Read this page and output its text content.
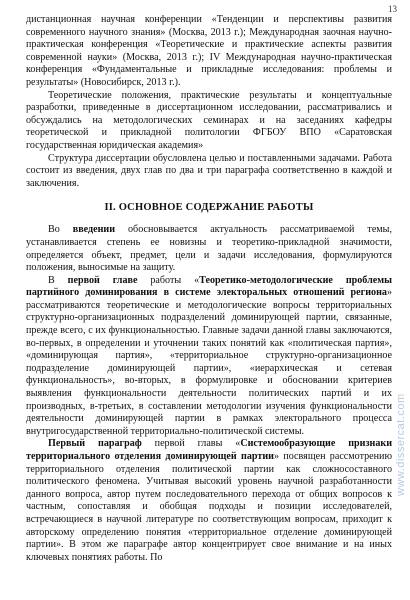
13

дистанционная научная конференции «Тенденции и перспективы развития современного научного знания» (Москва, 2013 г.); Международная заочная научно-практическая конференция «Теоретические и практические аспекты развития современной науки» (Москва, 2013 г.); IV Международная научно-практическая конференция «Фундаментальные и прикладные исследования: проблемы и результаты» (Новосибирск, 2013 г.).

Теоретические положения, практические результаты и концептуальные разработки, приведенные в диссертационном исследовании, рассматривались и обсуждались на методологических семинарах и на заседаниях кафедры теоретической и прикладной политологии ФГБОУ ВПО «Саратовская государственная юридическая академия»

Структура диссертации обусловлена целью и поставленными задачами. Работа состоит из введения, двух глав по два и три параграфа соответственно в каждой и заключения.

II. ОСНОВНОЕ СОДЕРЖАНИЕ РАБОТЫ

Во введении обосновывается актуальность рассматриваемой темы, устанавливается степень ее новизны и теоретико-прикладной значимости, определяется объект, предмет, цели и задачи исследования, формулируются положения, выносимые на защиту.

В первой главе работы «Теоретико-методологические проблемы партийного доминирования в системе электоральных отношений региона» рассматриваются теоретические и методологические вопросы территориальных структурно-организационных подразделений доминирующей партии, связанные, прежде всего, с их функциональностью. Главные задачи данной главы заключаются, во-первых, в определении и уточнении таких понятий как «политическая партия», «доминирующая партия», «территориальное структурно-организационное подразделение доминирующей партии», «иерархическая и сетевая функциональность», во-вторых, в формулировке и обосновании критериев выявления функциональности деятельности политических партий и их производных, в-третьих, в составлении методологии изучения функциональности деятельности доминирующей партии в рамках электорального процесса внутригосударственной территориально-политической системы.

Первый параграф первой главы «Системообразующие признаки территориального отделения доминирующей партии» посвящен рассмотрению территориального отделения политической партии как сложносоставного политического феномена. Учитывая высокий уровень научной разработанности данного вопроса, автор путем последовательного перехода от общих вопросов к частным, сопоставляя и обобщая подходы и позиции исследователей, встречающиеся в научной литературе по соответствующим вопросам, приходит к авторскому определению понятия «территориальное отделение доминирующей партии». В этом же параграфе автор концентрирует свое внимание и на иных ключевых понятиях работы. По

www.dissercat.com
